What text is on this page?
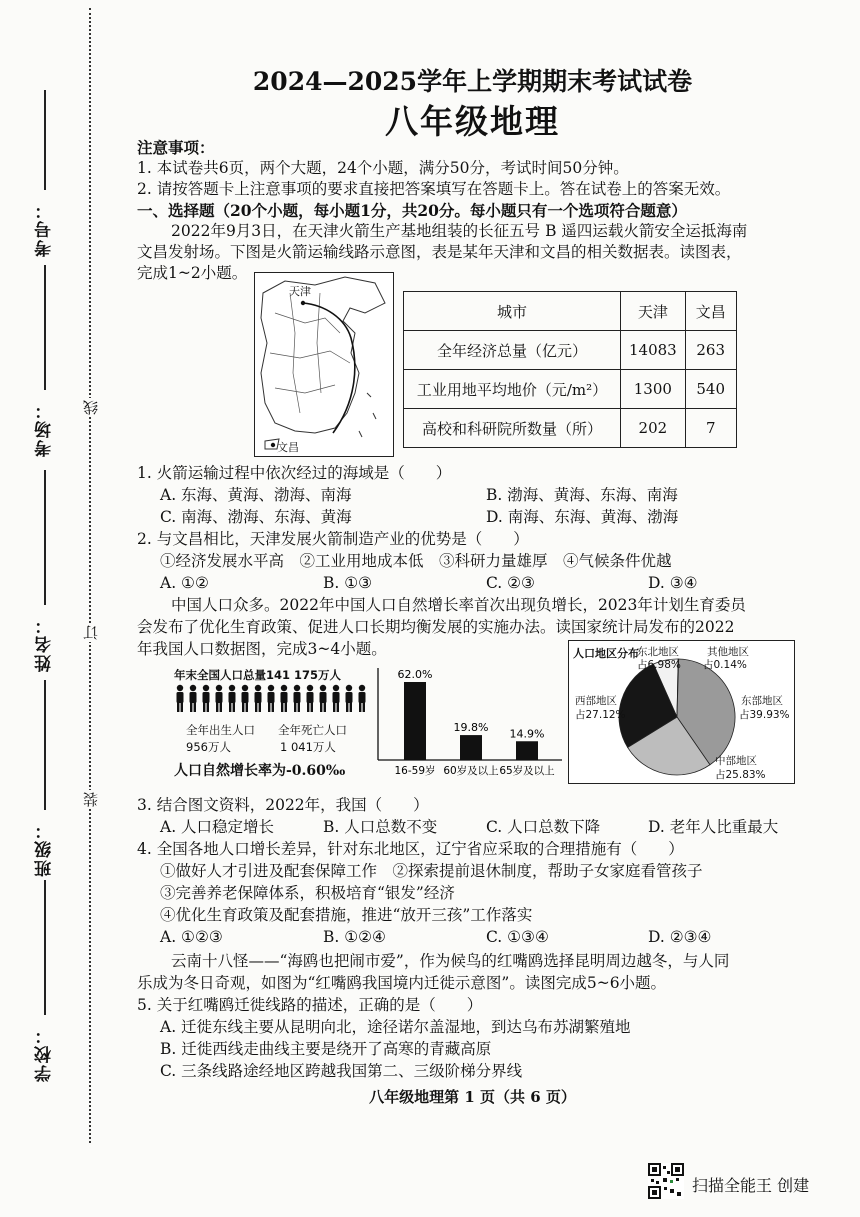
考号：
考场：
姓名：
班级：
学校：
线
订
装
2024—2025学年上学期期末考试试卷
八年级地理
注意事项：
1. 本试卷共6页，两个大题，24个小题，满分50分，考试时间50分钟。
2. 请按答题卡上注意事项的要求直接把答案填写在答题卡上。答在试卷上的答案无效。
一、选择题（20个小题，每小题1分，共20分。每小题只有一个选项符合题意）
2022年9月3日，在天津火箭生产基地组装的长征五号 B 遥四运载火箭安全运抵海南
文昌发射场。下图是火箭运输线路示意图，表是某年天津和文昌的相关数据表。读图表，
完成1~2小题。
天津
文昌
城市	天津	文昌
全年经济总量（亿元）	14083	263
工业用地平均地价（元/m²）	1300	540
高校和科研院所数量（所）	202	7
1. 火箭运输过程中依次经过的海域是（　　）
A. 东海、黄海、渤海、南海	B. 渤海、黄海、东海、南海
C. 南海、渤海、东海、黄海	D. 南海、东海、黄海、渤海
2. 与文昌相比，天津发展火箭制造产业的优势是（　　）
①经济发展水平高　②工业用地成本低　③科研力量雄厚　④气候条件优越
A. ①②	B. ①③	C. ②③	D. ③④
中国人口众多。2022年中国人口自然增长率首次出现负增长，2023年计划生育委员
会发布了优化生育政策、促进人口长期均衡发展的实施办法。读国家统计局发布的2022
年我国人口数据图，完成3~4小题。
年末全国人口总量141 175万人
全年出生人口
956万人
全年死亡人口
1 041万人
人口自然增长率为-0.60‰
62.0%
16-59岁
19.8%
60岁及以上
14.9%
65岁及以上
人口地区分布
东北地区
占6.98%
其他地区
占0.14%
西部地区
占27.12%
东部地区
占39.93%
中部地区
占25.83%
3. 结合图文资料，2022年，我国（　　）
A. 人口稳定增长	B. 人口总数不变	C. 人口总数下降	D. 老年人比重最大
4. 全国各地人口增长差异，针对东北地区，辽宁省应采取的合理措施有（　　）
①做好人才引进及配套保障工作　②探索提前退休制度，帮助子女家庭看管孩子
③完善养老保障体系，积极培育“银发”经济
④优化生育政策及配套措施，推进“放开三孩”工作落实
A. ①②③	B. ①②④	C. ①③④	D. ②③④
云南十八怪——“海鸥也把闹市爱”，作为候鸟的红嘴鸥选择昆明周边越冬，与人同
乐成为冬日奇观，如图为“红嘴鸥我国境内迁徙示意图”。读图完成5~6小题。
5. 关于红嘴鸥迁徙线路的描述，正确的是（　　）
A. 迁徙东线主要从昆明向北，途径诺尔盖湿地，到达乌布苏湖繁殖地
B. 迁徙西线走曲线主要是绕开了高寒的青藏高原
C. 三条线路途经地区跨越我国第二、三级阶梯分界线
八年级地理第 1 页（共 6 页）
扫描全能王 创建
